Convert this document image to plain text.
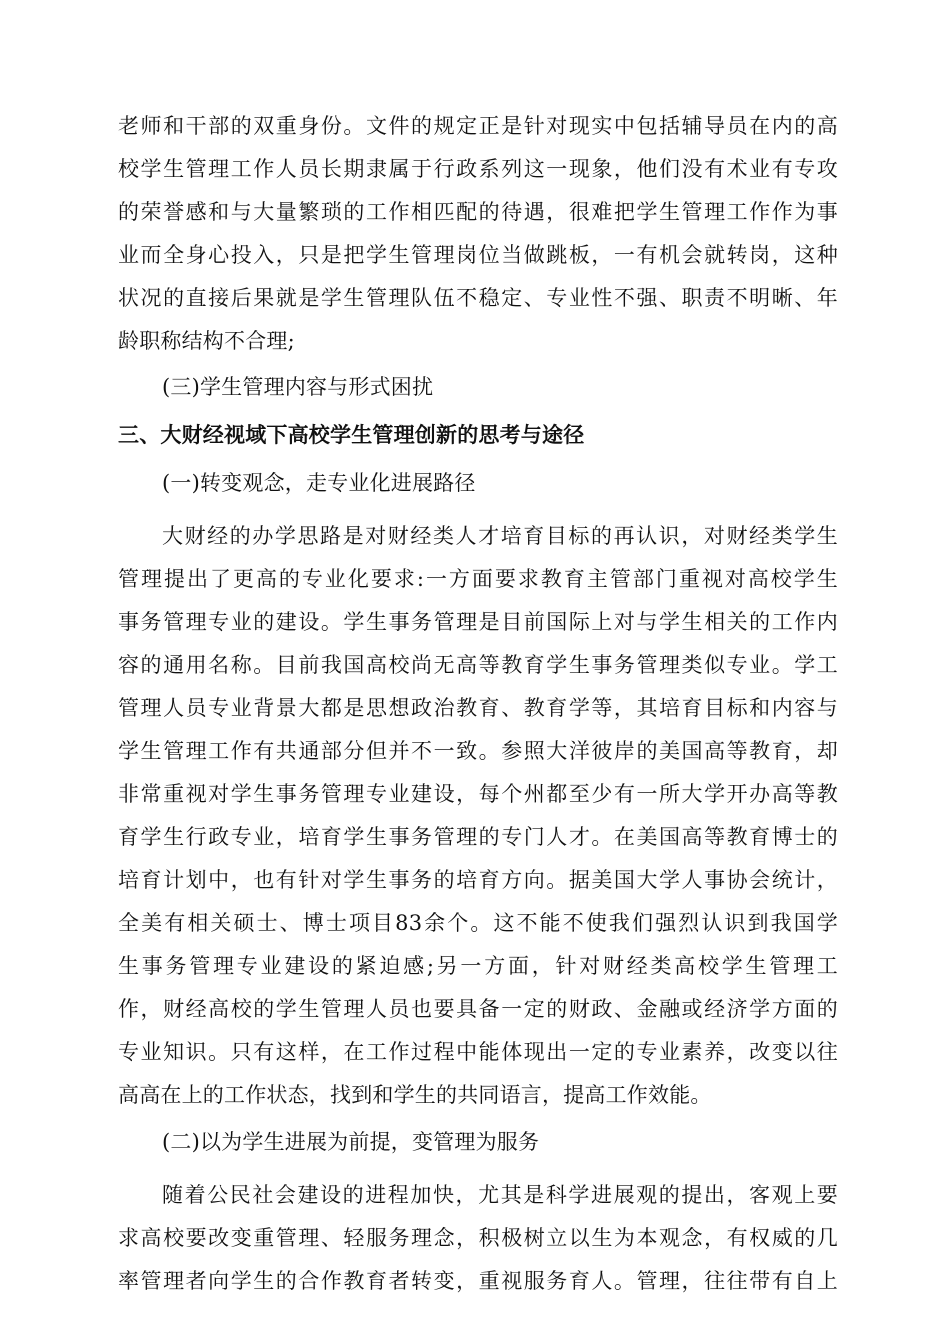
老师和干部的双重身份。文件的规定正是针对现实中包括辅导员在内的高
校学生管理工作人员长期隶属于行政系列这一现象，他们没有术业有专攻
的荣誉感和与大量繁琐的工作相匹配的待遇，很难把学生管理工作作为事
业而全身心投入，只是把学生管理岗位当做跳板，一有机会就转岗，这种
状况的直接后果就是学生管理队伍不稳定、专业性不强、职责不明晰、年
龄职称结构不合理;
(三)学生管理内容与形式困扰
三、大财经视域下高校学生管理创新的思考与途径
(一)转变观念，走专业化进展路径
大财经的办学思路是对财经类人才培育目标的再认识，对财经类学生
管理提出了更高的专业化要求:一方面要求教育主管部门重视对高校学生
事务管理专业的建设。学生事务管理是目前国际上对与学生相关的工作内
容的通用名称。目前我国高校尚无高等教育学生事务管理类似专业。学工
管理人员专业背景大都是思想政治教育、教育学等，其培育目标和内容与
学生管理工作有共通部分但并不一致。参照大洋彼岸的美国高等教育，却
非常重视对学生事务管理专业建设，每个州都至少有一所大学开办高等教
育学生行政专业，培育学生事务管理的专门人才。在美国高等教育博士的
培育计划中，也有针对学生事务的培育方向。据美国大学人事协会统计，
全美有相关硕士、博士项目83余个。这不能不使我们强烈认识到我国学
生事务管理专业建设的紧迫感;另一方面，针对财经类高校学生管理工
作，财经高校的学生管理人员也要具备一定的财政、金融或经济学方面的
专业知识。只有这样，在工作过程中能体现出一定的专业素养，改变以往
高高在上的工作状态，找到和学生的共同语言，提高工作效能。
(二)以为学生进展为前提，变管理为服务
随着公民社会建设的进程加快，尤其是科学进展观的提出，客观上要
求高校要改变重管理、轻服务理念，积极树立以生为本观念，有权威的几
率管理者向学生的合作教育者转变，重视服务育人。管理，往往带有自上
